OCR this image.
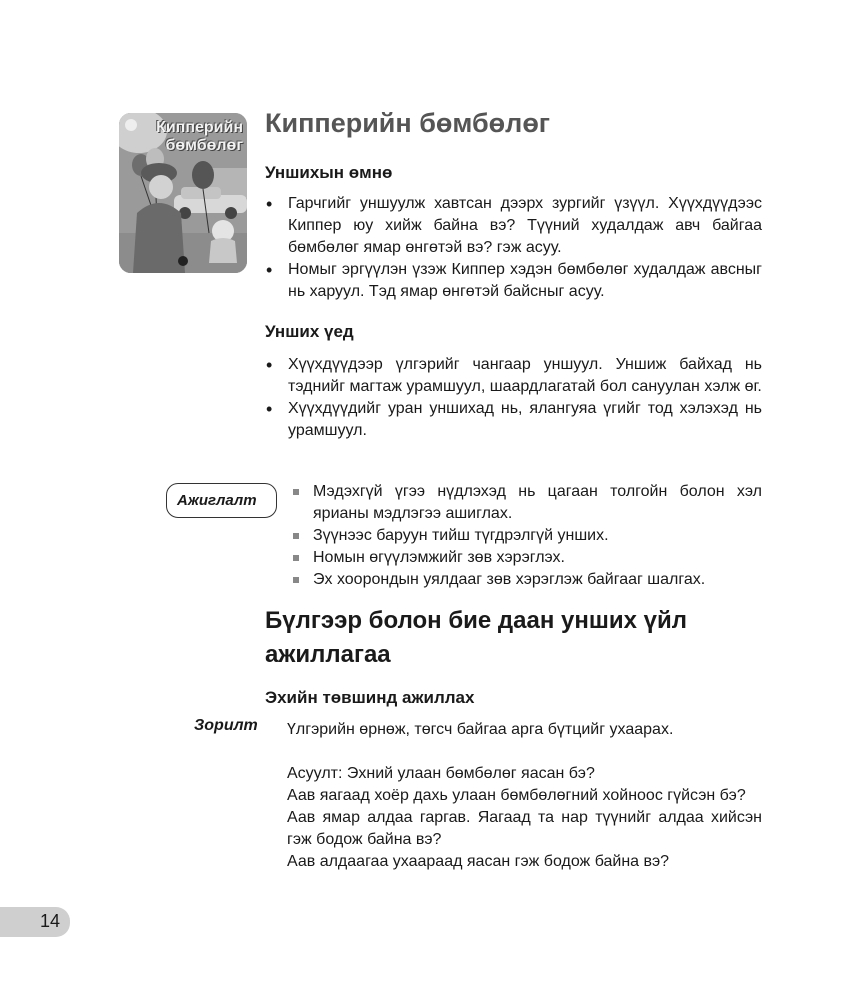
Кипперийн
бөмбөлөг
Кипперийн бөмбөлөг
Уншихын өмнө
• Гарчгийг уншуулж хавтсан дээрх зургийг үзүүл. Хүүхдүүдээс Киппер юу хийж байна вэ? Түүний худалдаж авч байгаа бөмбөлөг ямар өнгөтэй вэ? гэж асуу.
• Номыг эргүүлэн үзэж Киппер хэдэн бөмбөлөг худалдаж авсныг нь харуул. Тэд ямар өнгөтэй байсныг асуу.
Унших үед
• Хүүхдүүдээр үлгэрийг чангаар уншуул. Уншиж байхад нь тэднийг магтаж урамшуул, шаардлагатай бол сануулан хэлж өг.
• Хүүхдүүдийг уран уншихад нь, ялангуяа үгийг тод хэлэхэд нь урамшуул.
Ажиглалт
Мэдэхгүй үгээ нүдлэхэд нь цагаан толгойн болон хэл ярианы мэдлэгээ ашиглах.
Зүүнээс баруун тийш түгдрэлгүй унших.
Номын өгүүлэмжийг зөв хэрэглэх.
Эх хоорондын уялдааг зөв хэрэглэж байгааг шалгах.
Бүлгээр болон бие даан унших үйл ажиллагаа
Эхийн төвшинд ажиллах
Зорилт Үлгэрийн өрнөж, төгсч байгаа арга бүтцийг ухаарах.

Асуулт: Эхний улаан бөмбөлөг яасан бэ?

Аав яагаад хоёр дахь улаан бөмбөлөгний хойноос гүйсэн бэ?

Аав ямар алдаа гаргав. Яагаад та нар түүнийг алдаа хийсэн гэж бодож байна вэ?

Аав алдаагаа ухаараад яасан гэж бодож байна вэ?

14
